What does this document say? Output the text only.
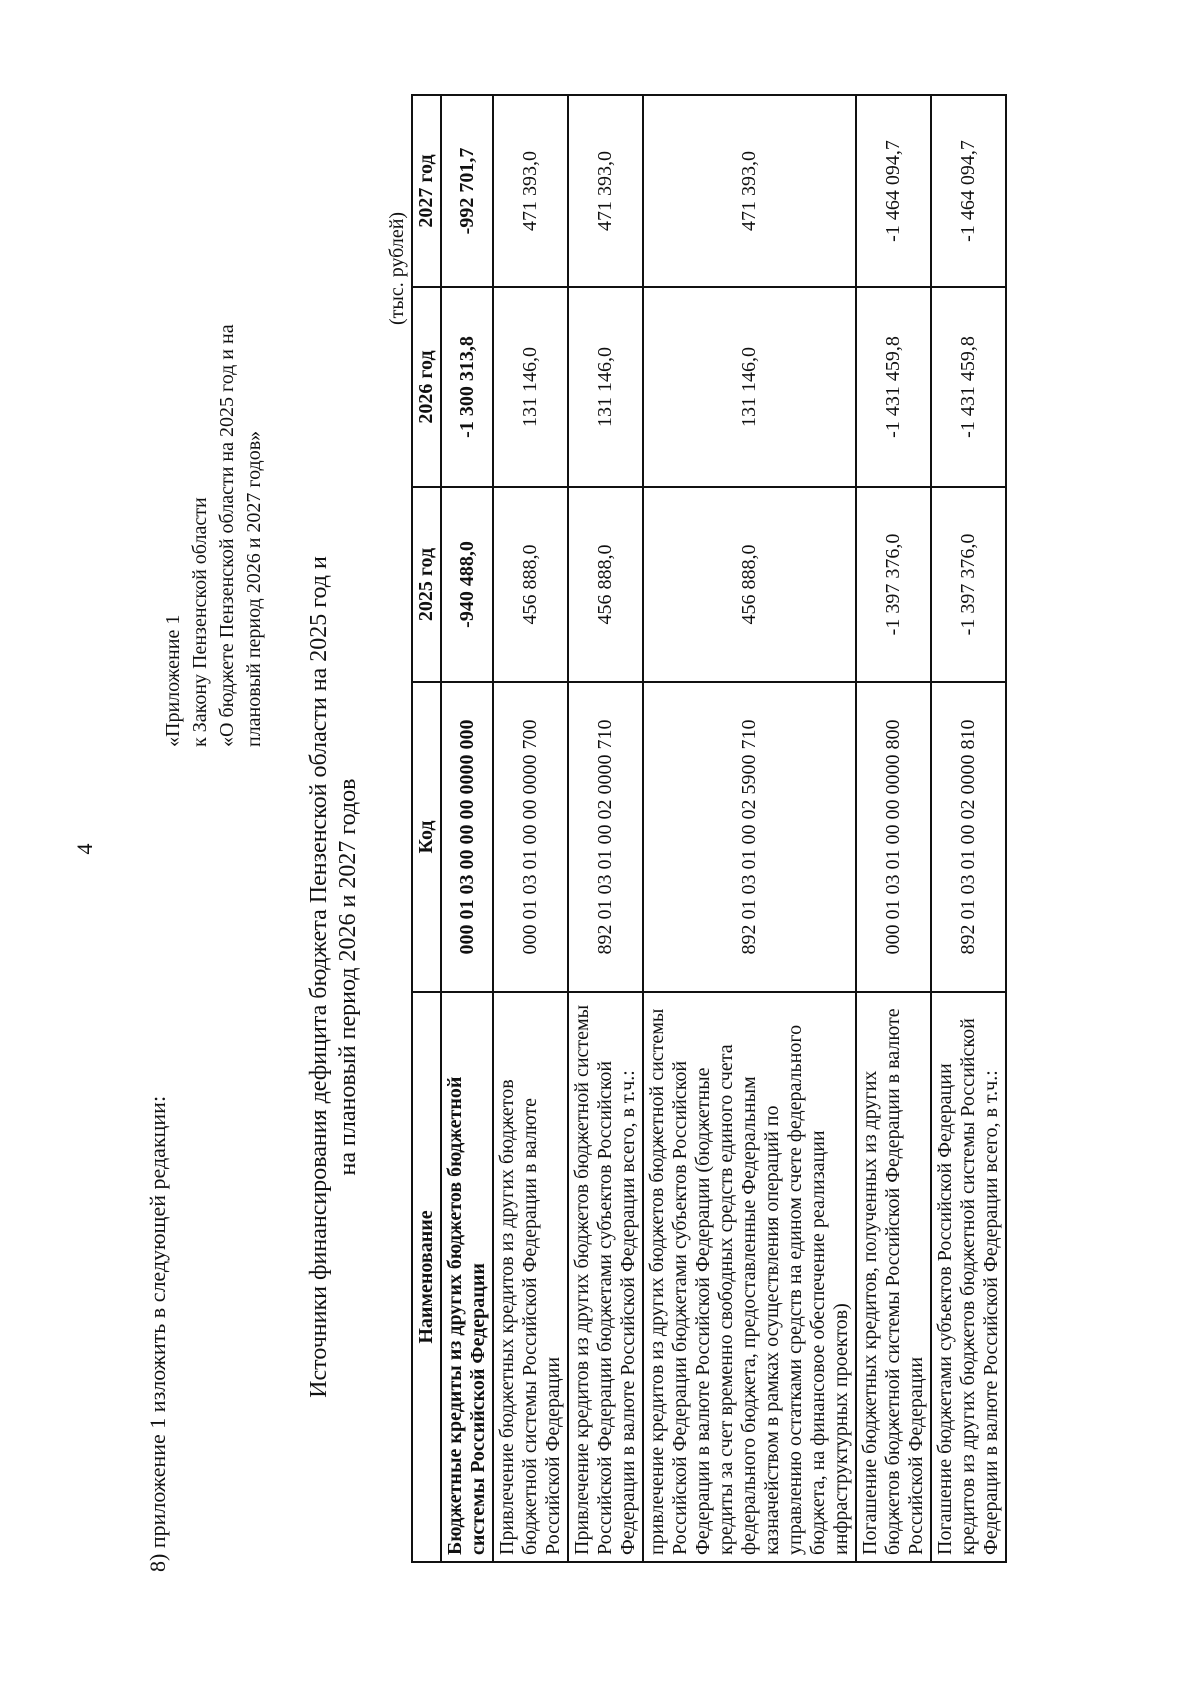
4
8) приложение 1 изложить в следующей редакции:
«Приложение 1 к Закону Пензенской области «О бюджете Пензенской области на 2025 год и на плановый период 2026 и 2027 годов» Источники финансирования дефицита бюджета Пензенской области на 2025 год и на плановый период 2026 и 2027 годов
(тыс. рублей)
Наименование	Код	2025 год	2026 год	2027 год
Бюджетные кредиты из других бюджетов бюджетной системы Российской Федерации	000 01 03 00 00 00 0000 000	-940 488,0	-1 300 313,8	-992 701,7
Привлечение бюджетных кредитов из других бюджетов бюджетной системы Российской Федерации в валюте Российской Федерации	000 01 03 01 00 00 0000 700	456 888,0	131 146,0	471 393,0
Привлечение кредитов из других бюджетов бюджетной системы Российской Федерации бюджетами субъектов Российской Федерации в валюте Российской Федерации всего, в т.ч.:	892 01 03 01 00 02 0000 710	456 888,0	131 146,0	471 393,0
привлечение кредитов из других бюджетов бюджетной системы Российской Федерации бюджетами субъектов Российской Федерации в валюте Российской Федерации (бюджетные кредиты за счет временно свободных средств единого счета федерального бюджета, предоставленные Федеральным казначейством в рамках осуществления операций по управлению остатками средств на едином счете федерального бюджета, на финансовое обеспечение реализации инфраструктурных проектов)	892 01 03 01 00 02 5900 710	456 888,0	131 146,0	471 393,0
Погашение бюджетных кредитов, полученных из других бюджетов бюджетной системы Российской Федерации в валюте Российской Федерации	000 01 03 01 00 00 0000 800	-1 397 376,0	-1 431 459,8	-1 464 094,7
Погашение бюджетами субъектов Российской Федерации кредитов из других бюджетов бюджетной системы Российской Федерации в валюте Российской Федерации всего, в т.ч.:	892 01 03 01 00 02 0000 810	-1 397 376,0	-1 431 459,8	-1 464 094,7
